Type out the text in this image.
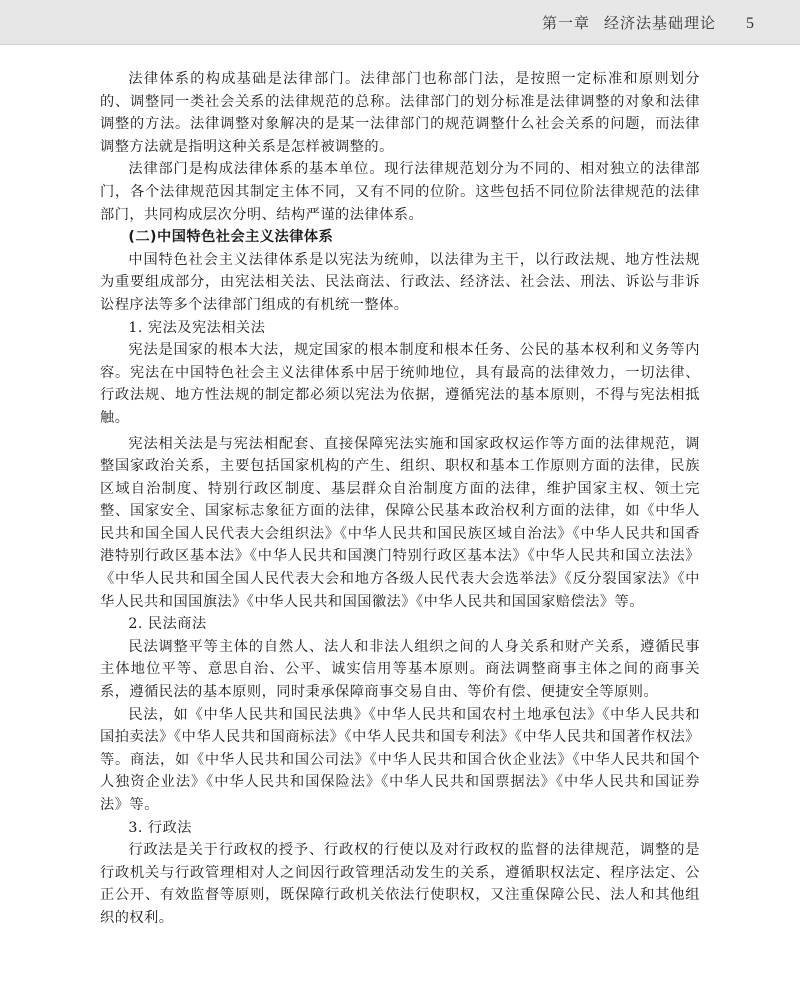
第一章 经济法基础理论 5

法律体系的构成基础是法律部门。法律部门也称部门法，是按照一定标准和原则划分的、调整同一类社会关系的法律规范的总称。法律部门的划分标准是法律调整的对象和法律调整的方法。法律调整对象解决的是某一法律部门的规范调整什么社会关系的问题，而法律调整方法就是指明这种关系是怎样被调整的。

法律部门是构成法律体系的基本单位。现行法律规范划分为不同的、相对独立的法律部门，各个法律规范因其制定主体不同，又有不同的位阶。这些包括不同位阶法律规范的法律部门，共同构成层次分明、结构严谨的法律体系。

(二)中国特色社会主义法律体系

中国特色社会主义法律体系是以宪法为统帅，以法律为主干，以行政法规、地方性法规为重要组成部分，由宪法相关法、民法商法、行政法、经济法、社会法、刑法、诉讼与非诉讼程序法等多个法律部门组成的有机统一整体。

1. 宪法及宪法相关法

宪法是国家的根本大法，规定国家的根本制度和根本任务、公民的基本权利和义务等内容。宪法在中国特色社会主义法律体系中居于统帅地位，具有最高的法律效力，一切法律、行政法规、地方性法规的制定都必须以宪法为依据，遵循宪法的基本原则，不得与宪法相抵触。

宪法相关法是与宪法相配套、直接保障宪法实施和国家政权运作等方面的法律规范，调整国家政治关系，主要包括国家机构的产生、组织、职权和基本工作原则方面的法律，民族区域自治制度、特别行政区制度、基层群众自治制度方面的法律，维护国家主权、领土完整、国家安全、国家标志象征方面的法律，保障公民基本政治权利方面的法律，如《中华人民共和国全国人民代表大会组织法》《中华人民共和国民族区域自治法》《中华人民共和国香港特别行政区基本法》《中华人民共和国澳门特别行政区基本法》《中华人民共和国立法法》《中华人民共和国全国人民代表大会和地方各级人民代表大会选举法》《反分裂国家法》《中华人民共和国国旗法》《中华人民共和国国徽法》《中华人民共和国国家赔偿法》等。

2. 民法商法

民法调整平等主体的自然人、法人和非法人组织之间的人身关系和财产关系，遵循民事主体地位平等、意思自治、公平、诚实信用等基本原则。商法调整商事主体之间的商事关系，遵循民法的基本原则，同时秉承保障商事交易自由、等价有偿、便捷安全等原则。

民法，如《中华人民共和国民法典》《中华人民共和国农村土地承包法》《中华人民共和国拍卖法》《中华人民共和国商标法》《中华人民共和国专利法》《中华人民共和国著作权法》等。商法，如《中华人民共和国公司法》《中华人民共和国合伙企业法》《中华人民共和国个人独资企业法》《中华人民共和国保险法》《中华人民共和国票据法》《中华人民共和国证券法》等。

3. 行政法

行政法是关于行政权的授予、行政权的行使以及对行政权的监督的法律规范，调整的是行政机关与行政管理相对人之间因行政管理活动发生的关系，遵循职权法定、程序法定、公正公开、有效监督等原则，既保障行政机关依法行使职权，又注重保障公民、法人和其他组织的权利。
